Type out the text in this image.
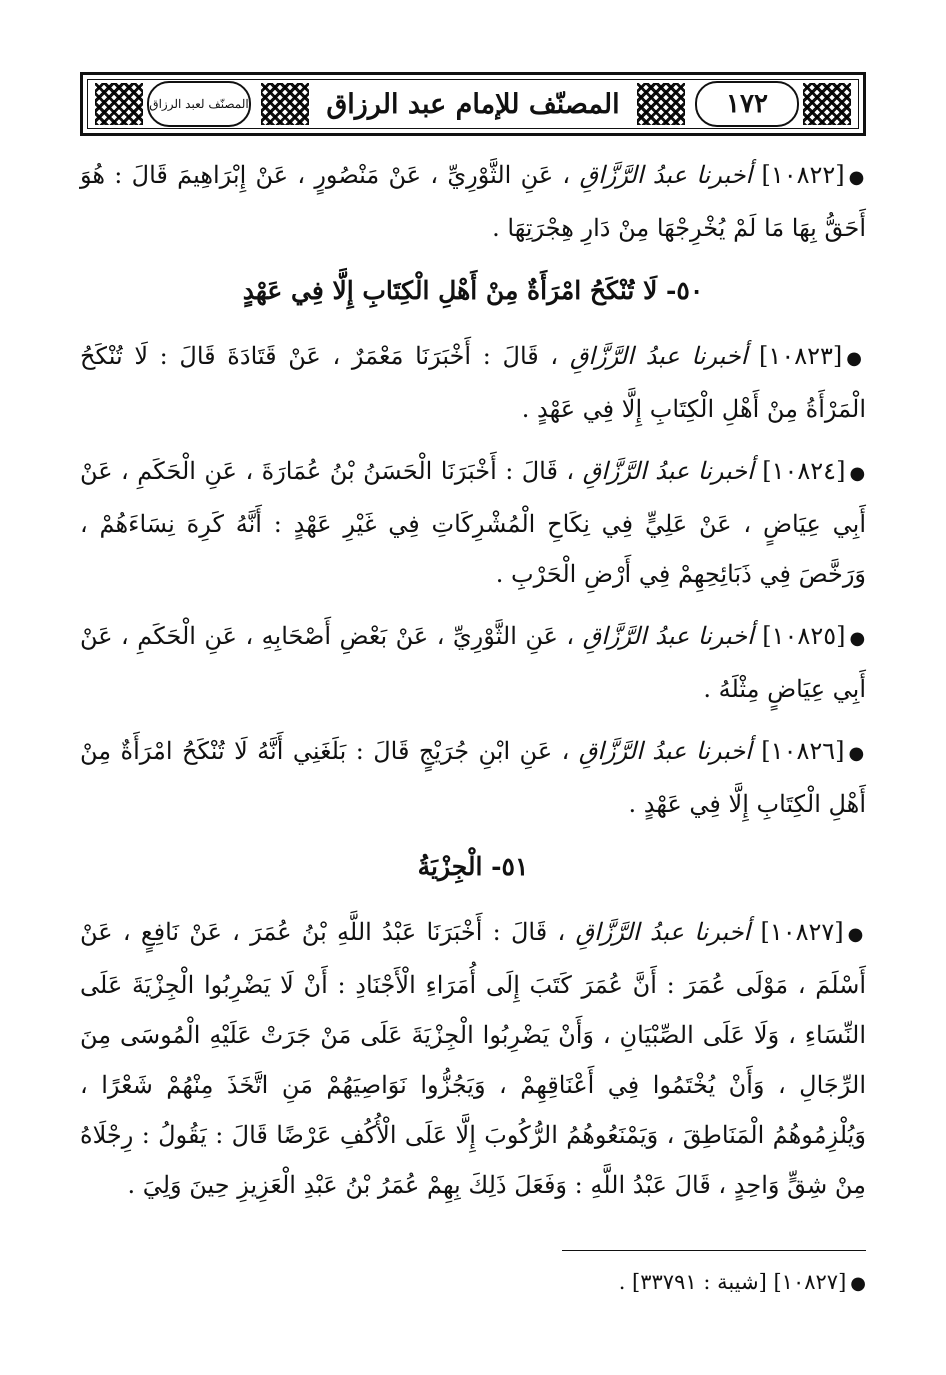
المصنّف لعبد الرزاق	المصنّف للإمام عبد الرزاق	١٧٢

●[١٠٨٢٢] أخبرنا عبدُ الرَّزَّاقِ ، عَنِ الثَّوْرِيِّ ، عَنْ مَنْصُورٍ ، عَنْ إِبْرَاهِيمَ قَالَ : هُوَ أَحَقُّ بِهَا مَا لَمْ يُخْرِجْهَا مِنْ دَارِ هِجْرَتِهَا .

٥٠- لَا تُنْكَحُ امْرَأَةٌ مِنْ أَهْلِ الْكِتَابِ إِلَّا فِي عَهْدٍ

●[١٠٨٢٣] أخبرنا عبدُ الرَّزَّاقِ ، قَالَ : أَخْبَرَنَا مَعْمَرٌ ، عَنْ قَتَادَةَ قَالَ : لَا تُنْكَحُ الْمَرْأَةُ مِنْ أَهْلِ الْكِتَابِ إِلَّا فِي عَهْدٍ .

●[١٠٨٢٤] أخبرنا عبدُ الرَّزَّاقِ ، قَالَ : أَخْبَرَنَا الْحَسَنُ بْنُ عُمَارَةَ ، عَنِ الْحَكَمِ ، عَنْ أَبِي عِيَاضٍ ، عَنْ عَلِيٍّ فِي نِكَاحِ الْمُشْرِكَاتِ فِي غَيْرِ عَهْدٍ : أَنَّهُ كَرِهَ نِسَاءَهُمْ ، وَرَخَّصَ فِي ذَبَائِحِهِمْ فِي أَرْضِ الْحَرْبِ .

●[١٠٨٢٥] أخبرنا عبدُ الرَّزَّاقِ ، عَنِ الثَّوْرِيِّ ، عَنْ بَعْضِ أَصْحَابِهِ ، عَنِ الْحَكَمِ ، عَنْ أَبِي عِيَاضٍ مِثْلَهُ .

●[١٠٨٢٦] أخبرنا عبدُ الرَّزَّاقِ ، عَنِ ابْنِ جُرَيْجٍ قَالَ : بَلَغَنِي أَنَّهُ لَا تُنْكَحُ امْرَأَةٌ مِنْ أَهْلِ الْكِتَابِ إِلَّا فِي عَهْدٍ .

٥١- الْجِزْيَةُ

●[١٠٨٢٧] أخبرنا عبدُ الرَّزَّاقِ ، قَالَ : أَخْبَرَنَا عَبْدُ اللَّهِ بْنُ عُمَرَ ، عَنْ نَافِعٍ ، عَنْ أَسْلَمَ ، مَوْلَى عُمَرَ : أَنَّ عُمَرَ كَتَبَ إِلَى أُمَرَاءِ الْأَجْنَادِ : أَنْ لَا يَضْرِبُوا الْجِزْيَةَ عَلَى النِّسَاءِ ، وَلَا عَلَى الصِّبْيَانِ ، وَأَنْ يَضْرِبُوا الْجِزْيَةَ عَلَى مَنْ جَرَتْ عَلَيْهِ الْمُوسَى مِنَ الرِّجَالِ ، وَأَنْ يُخْتَمُوا فِي أَعْنَاقِهِمْ ، وَيَجُزُّوا نَوَاصِيَهُمْ مَنِ اتَّخَذَ مِنْهُمْ شَعْرًا ، وَيُلْزِمُوهُمُ الْمَنَاطِقَ ، وَيَمْنَعُوهُمُ الرُّكُوبَ إِلَّا عَلَى الْأُكُفِ عَرْضًا قَالَ : يَقُولُ : رِجْلَاهُ مِنْ شِقٍّ وَاحِدٍ ، قَالَ عَبْدُ اللَّهِ : وَفَعَلَ ذَلِكَ بِهِمْ عُمَرُ بْنُ عَبْدِ الْعَزِيزِ حِينَ وَلِيَ .

●[١٠٨٢٧] [شيبة : ٣٣٧٩١] .
